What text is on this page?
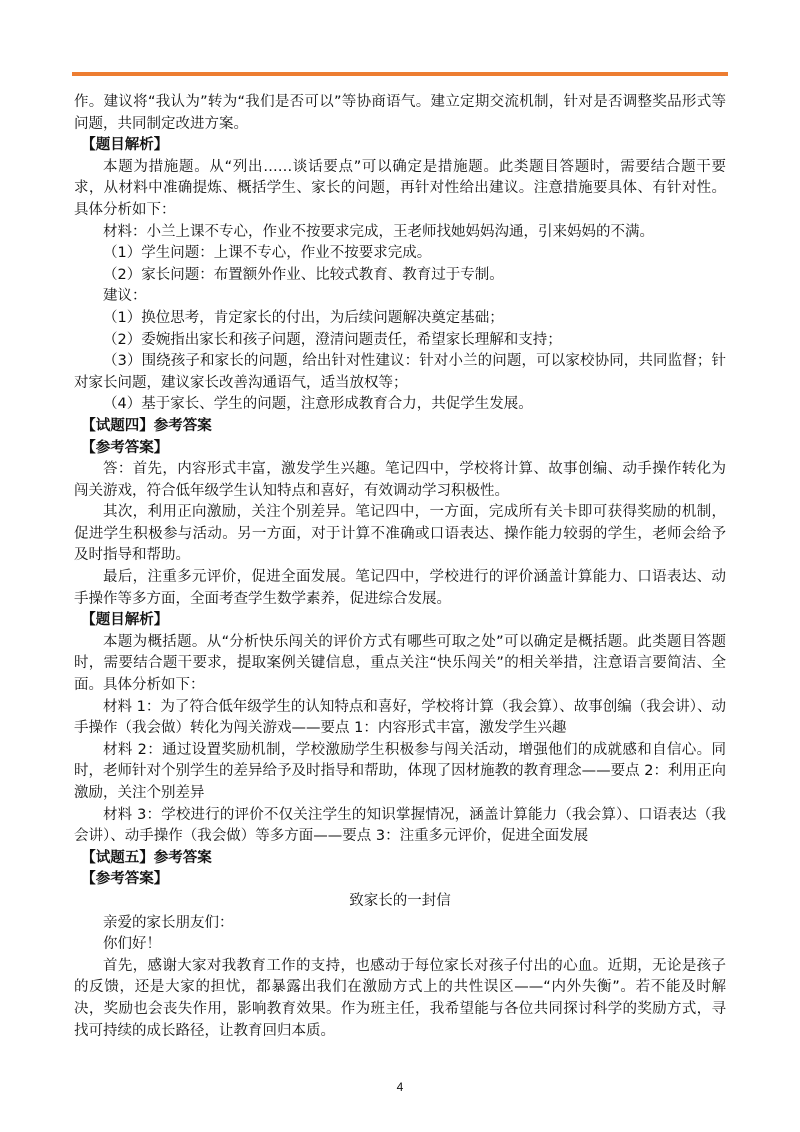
作。建议将“我认为”转为“我们是否可以”等协商语气。建立定期交流机制，针对是否调整奖品形式等问题，共同制定改进方案。

【题目解析】

本题为措施题。从“列出……谈话要点”可以确定是措施题。此类题目答题时，需要结合题干要求，从材料中准确提炼、概括学生、家长的问题，再针对性给出建议。注意措施要具体、有针对性。具体分析如下：

材料：小兰上课不专心，作业不按要求完成，王老师找她妈妈沟通，引来妈妈的不满。

（1）学生问题：上课不专心，作业不按要求完成。

（2）家长问题：布置额外作业、比较式教育、教育过于专制。

建议：

（1）换位思考，肯定家长的付出，为后续问题解决奠定基础；

（2）委婉指出家长和孩子问题，澄清问题责任，希望家长理解和支持；

（3）围绕孩子和家长的问题，给出针对性建议：针对小兰的问题，可以家校协同，共同监督；针对家长问题，建议家长改善沟通语气，适当放权等；

（4）基于家长、学生的问题，注意形成教育合力，共促学生发展。

【试题四】参考答案

【参考答案】

答：首先，内容形式丰富，激发学生兴趣。笔记四中，学校将计算、故事创编、动手操作转化为闯关游戏，符合低年级学生认知特点和喜好，有效调动学习积极性。

其次，利用正向激励，关注个别差异。笔记四中，一方面，完成所有关卡即可获得奖励的机制，促进学生积极参与活动。另一方面，对于计算不准确或口语表达、操作能力较弱的学生，老师会给予及时指导和帮助。

最后，注重多元评价，促进全面发展。笔记四中，学校进行的评价涵盖计算能力、口语表达、动手操作等多方面，全面考查学生数学素养，促进综合发展。

【题目解析】

本题为概括题。从“分析快乐闯关的评价方式有哪些可取之处”可以确定是概括题。此类题目答题时，需要结合题干要求，提取案例关键信息，重点关注“快乐闯关”的相关举措，注意语言要简洁、全面。具体分析如下：

材料 1：为了符合低年级学生的认知特点和喜好，学校将计算（我会算）、故事创编（我会讲）、动手操作（我会做）转化为闯关游戏——要点 1：内容形式丰富，激发学生兴趣

材料 2：通过设置奖励机制，学校激励学生积极参与闯关活动，增强他们的成就感和自信心。同时，老师针对个别学生的差异给予及时指导和帮助，体现了因材施教的教育理念——要点 2：利用正向激励，关注个别差异

材料 3：学校进行的评价不仅关注学生的知识掌握情况，涵盖计算能力（我会算）、口语表达（我会讲）、动手操作（我会做）等多方面——要点 3：注重多元评价，促进全面发展

【试题五】参考答案

【参考答案】

致家长的一封信

亲爱的家长朋友们：

你们好！

首先，感谢大家对我教育工作的支持，也感动于每位家长对孩子付出的心血。近期，无论是孩子的反馈，还是大家的担忧，都暴露出我们在激励方式上的共性误区——“内外失衡”。若不能及时解决，奖励也会丧失作用，影响教育效果。作为班主任，我希望能与各位共同探讨科学的奖励方式，寻找可持续的成长路径，让教育回归本质。

4
